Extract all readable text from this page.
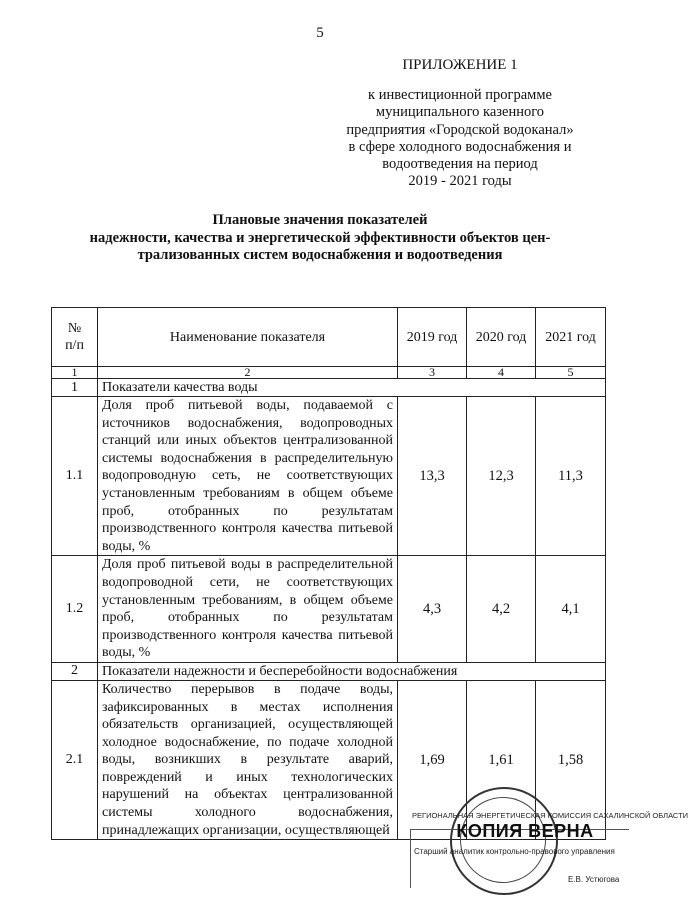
5
ПРИЛОЖЕНИЕ 1
к инвестиционной программе
муниципального казенного
предприятия «Городской водоканал»
в сфере холодного водоснабжения и
водоотведения на период
2019 - 2021 годы
Плановые значения показателей
надежности, качества и энергетической эффективности объектов цен-
трализованных систем водоснабжения и водоотведения
№
п/п	Наименование показателя	2019 год	2020 год	2021 год
1	2	3	4	5
1	Показатели качества воды			
1.1	Доля проб питьевой воды, подаваемой с источников водоснабжения, водопроводных станций или иных объектов централизованной системы водоснабжения в распределительную водопроводную сеть, не соответствующих установленным требованиям в общем объеме проб, отобранных по результатам производственного контроля качества питьевой воды, %	13,3	12,3	11,3
1.2	Доля проб питьевой воды в распределительной водопроводной сети, не соответствующих установленным требованиям, в общем объеме проб, отобранных по результатам производственного контроля качества питьевой воды, %	4,3	4,2	4,1
2	Показатели надежности и бесперебойности водоснабжения			
2.1	Количество перерывов в подаче воды, зафиксированных в местах исполнения обязательств организацией, осуществляющей холодное водоснабжение, по подаче холодной воды, возникших в результате аварий, повреждений и иных технологических нарушений на объектах централизованной системы холодного водоснабжения, принадлежащих организации, осуществляющей	1,69	1,61	1,58
РЕГИОНАЛЬНАЯ ЭНЕРГЕТИЧЕСКАЯ КОМИССИЯ САХАЛИНСКОЙ ОБЛАСТИ
КОПИЯ ВЕРНА
Старший аналитик контрольно-правового управления
Е.В. Устюгова
